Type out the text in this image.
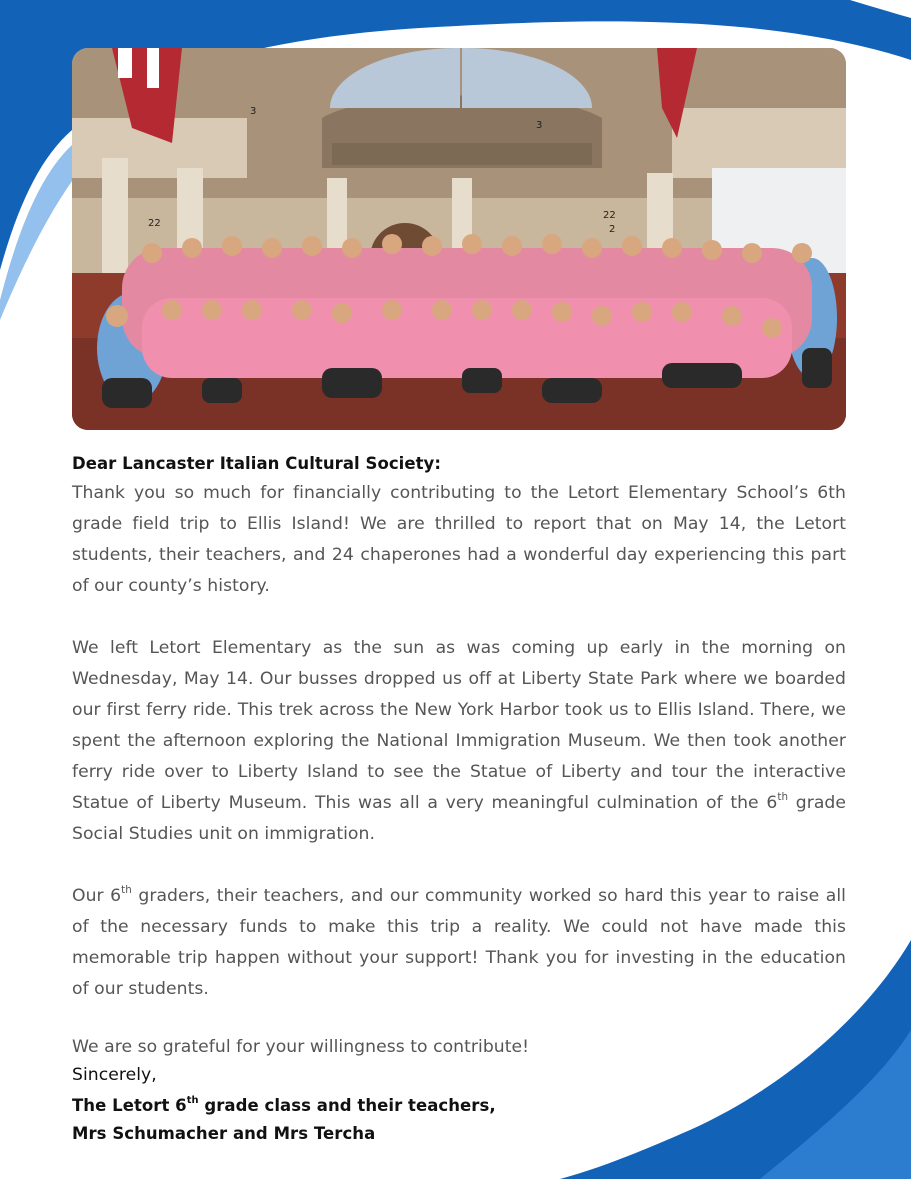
3
3
22
22
2

Dear Lancaster Italian Cultural Society:

Thank you so much for financially contributing to the Letort Elementary School’s 6th grade field trip to Ellis Island! We are thrilled to report that on May 14, the Letort students, their teachers, and 24 chaperones had a wonderful day experiencing this part of our county’s history.

We left Letort Elementary as the sun as was coming up early in the morning on Wednesday, May 14. Our busses dropped us off at Liberty State Park where we boarded our first ferry ride. This trek across the New York Harbor took us to Ellis Island. There, we spent the afternoon exploring the National Immigration Museum. We then took another ferry ride over to Liberty Island to see the Statue of Liberty and tour the interactive Statue of Liberty Museum. This was all a very meaningful culmination of the 6th grade Social Studies unit on immigration.

Our 6th graders, their teachers, and our community worked so hard this year to raise all of the necessary funds to make this trip a reality. We could not have made this memorable trip happen without your support! Thank you for investing in the education of our students.

We are so grateful for your willingness to contribute!

Sincerely,

The Letort 6th grade class and their teachers,

Mrs Schumacher and Mrs Tercha
